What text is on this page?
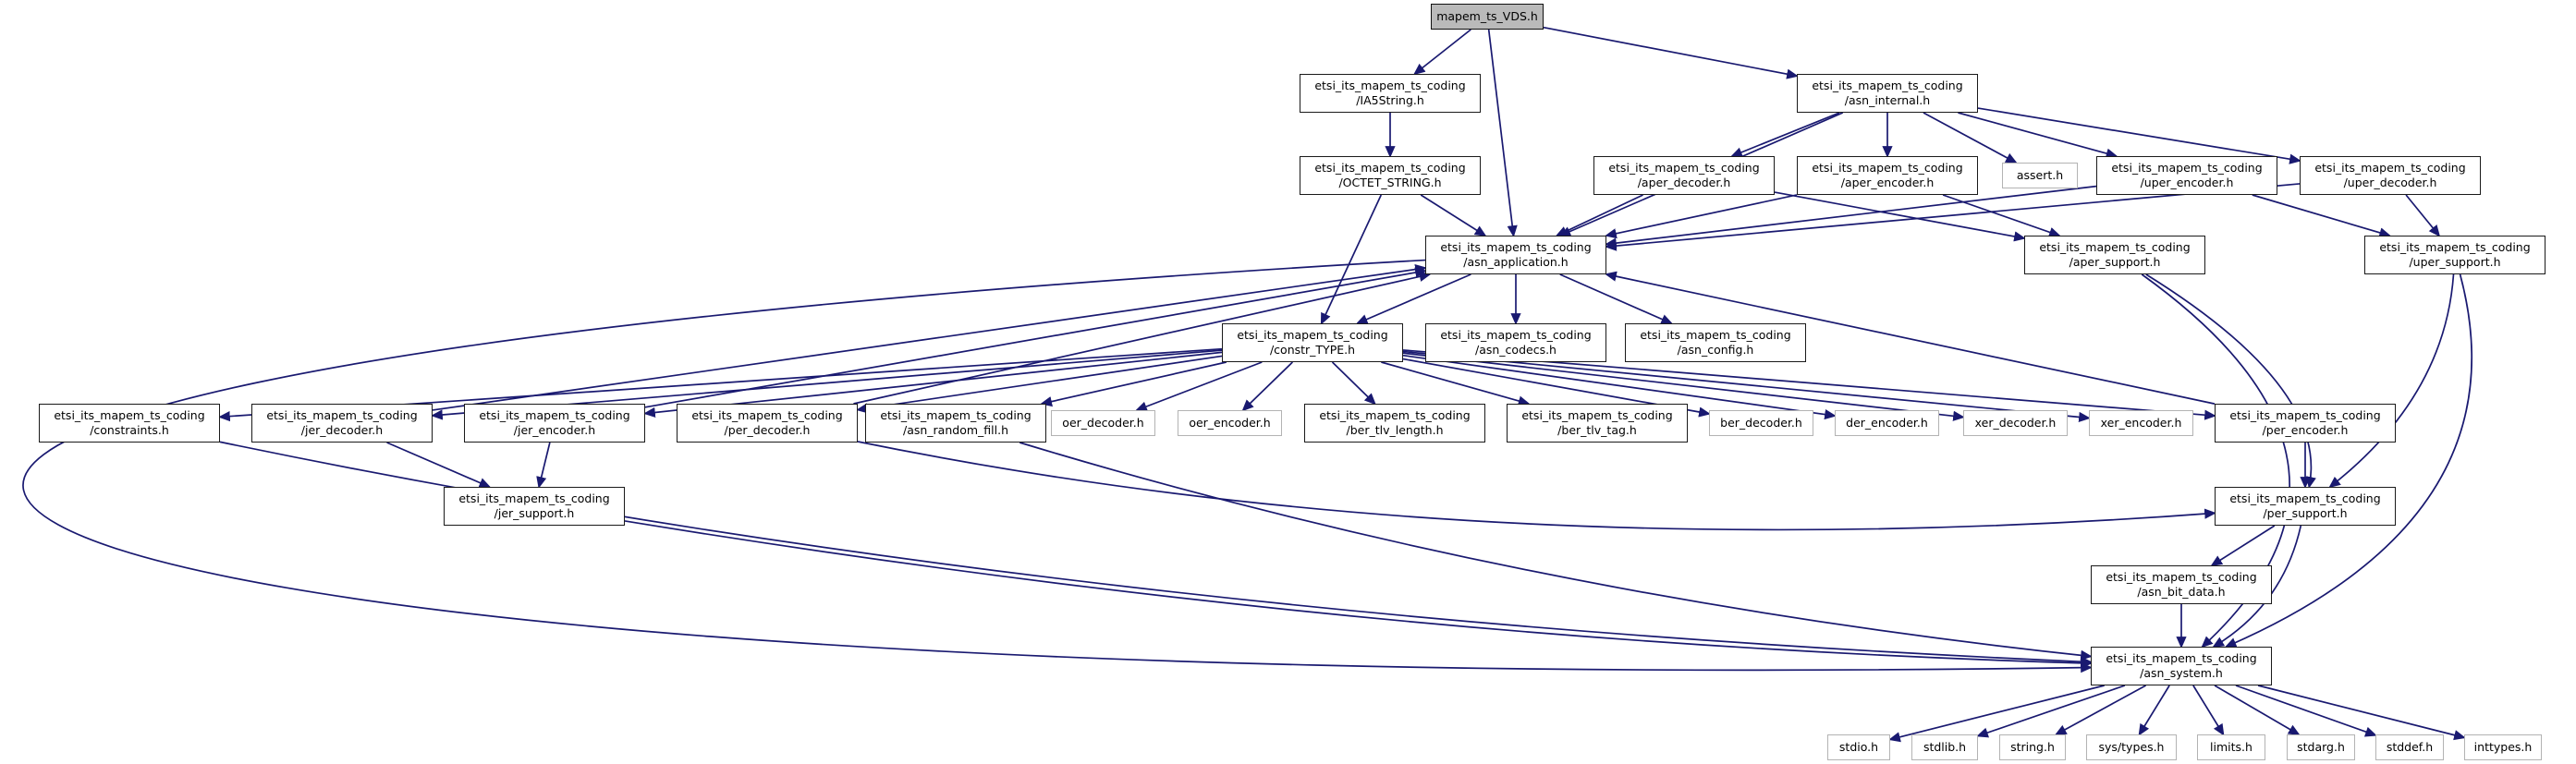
mapem_ts_VDS.h
etsi_its_mapem_ts_coding
/IA5String.h
etsi_its_mapem_ts_coding
/asn_internal.h
etsi_its_mapem_ts_coding
/OCTET_STRING.h
etsi_its_mapem_ts_coding
/aper_decoder.h
etsi_its_mapem_ts_coding
/aper_encoder.h
assert.h
etsi_its_mapem_ts_coding
/uper_encoder.h
etsi_its_mapem_ts_coding
/uper_decoder.h
etsi_its_mapem_ts_coding
/asn_application.h
etsi_its_mapem_ts_coding
/aper_support.h
etsi_its_mapem_ts_coding
/uper_support.h
etsi_its_mapem_ts_coding
/constr_TYPE.h
etsi_its_mapem_ts_coding
/asn_codecs.h
etsi_its_mapem_ts_coding
/asn_config.h
etsi_its_mapem_ts_coding
/constraints.h
etsi_its_mapem_ts_coding
/jer_decoder.h
etsi_its_mapem_ts_coding
/jer_encoder.h
etsi_its_mapem_ts_coding
/per_decoder.h
etsi_its_mapem_ts_coding
/asn_random_fill.h
oer_decoder.h	oer_encoder.h
etsi_its_mapem_ts_coding
/ber_tlv_length.h
etsi_its_mapem_ts_coding
/ber_tlv_tag.h
ber_decoder.h	der_encoder.h	xer_decoder.h	xer_encoder.h
etsi_its_mapem_ts_coding
/per_encoder.h
etsi_its_mapem_ts_coding
/jer_support.h
etsi_its_mapem_ts_coding
/per_support.h
etsi_its_mapem_ts_coding
/asn_bit_data.h
etsi_its_mapem_ts_coding
/asn_system.h
stdio.h	stdlib.h	string.h	sys/types.h	limits.h	stdarg.h	stddef.h	inttypes.h
